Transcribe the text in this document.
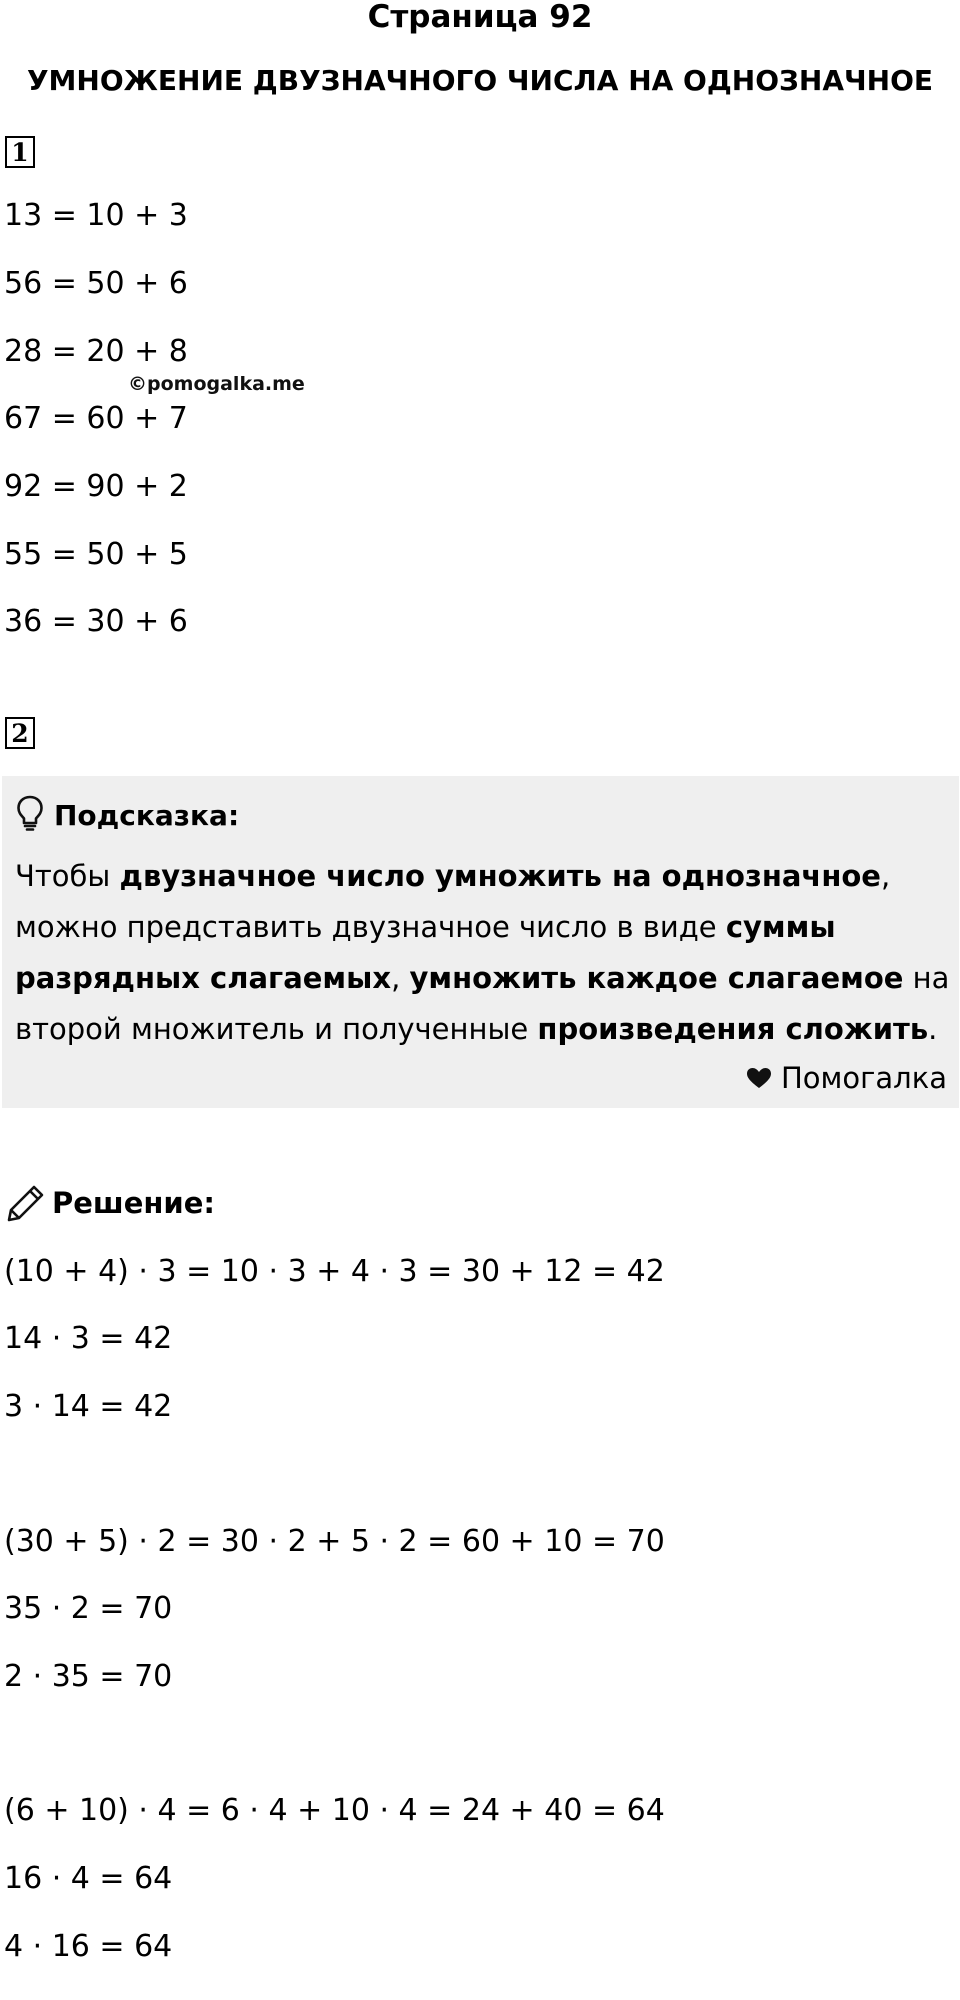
Страница 92
УМНОЖЕНИЕ ДВУЗНАЧНОГО ЧИСЛА НА ОДНОЗНАЧНОЕ
1
13 = 10 + 3
56 = 50 + 6
28 = 20 + 8
©pomogalka.me
67 = 60 + 7
92 = 90 + 2
55 = 50 + 5
36 = 30 + 6
2
Подсказка:
Чтобы двузначное число умножить на однозначное, можно представить двузначное число в виде суммы разрядных слагаемых, умножить каждое слагаемое на второй множитель и полученные произведения сложить.
Помогалка
Решение:
(10 + 4) · 3 = 10 · 3 + 4 · 3 = 30 + 12 = 42
14 · 3 = 42
3 · 14 = 42
(30 + 5) · 2 = 30 · 2 + 5 · 2 = 60 + 10 = 70
35 · 2 = 70
2 · 35 = 70
(6 + 10) · 4 = 6 · 4 + 10 · 4 = 24 + 40 = 64
16 · 4 = 64
4 · 16 = 64
